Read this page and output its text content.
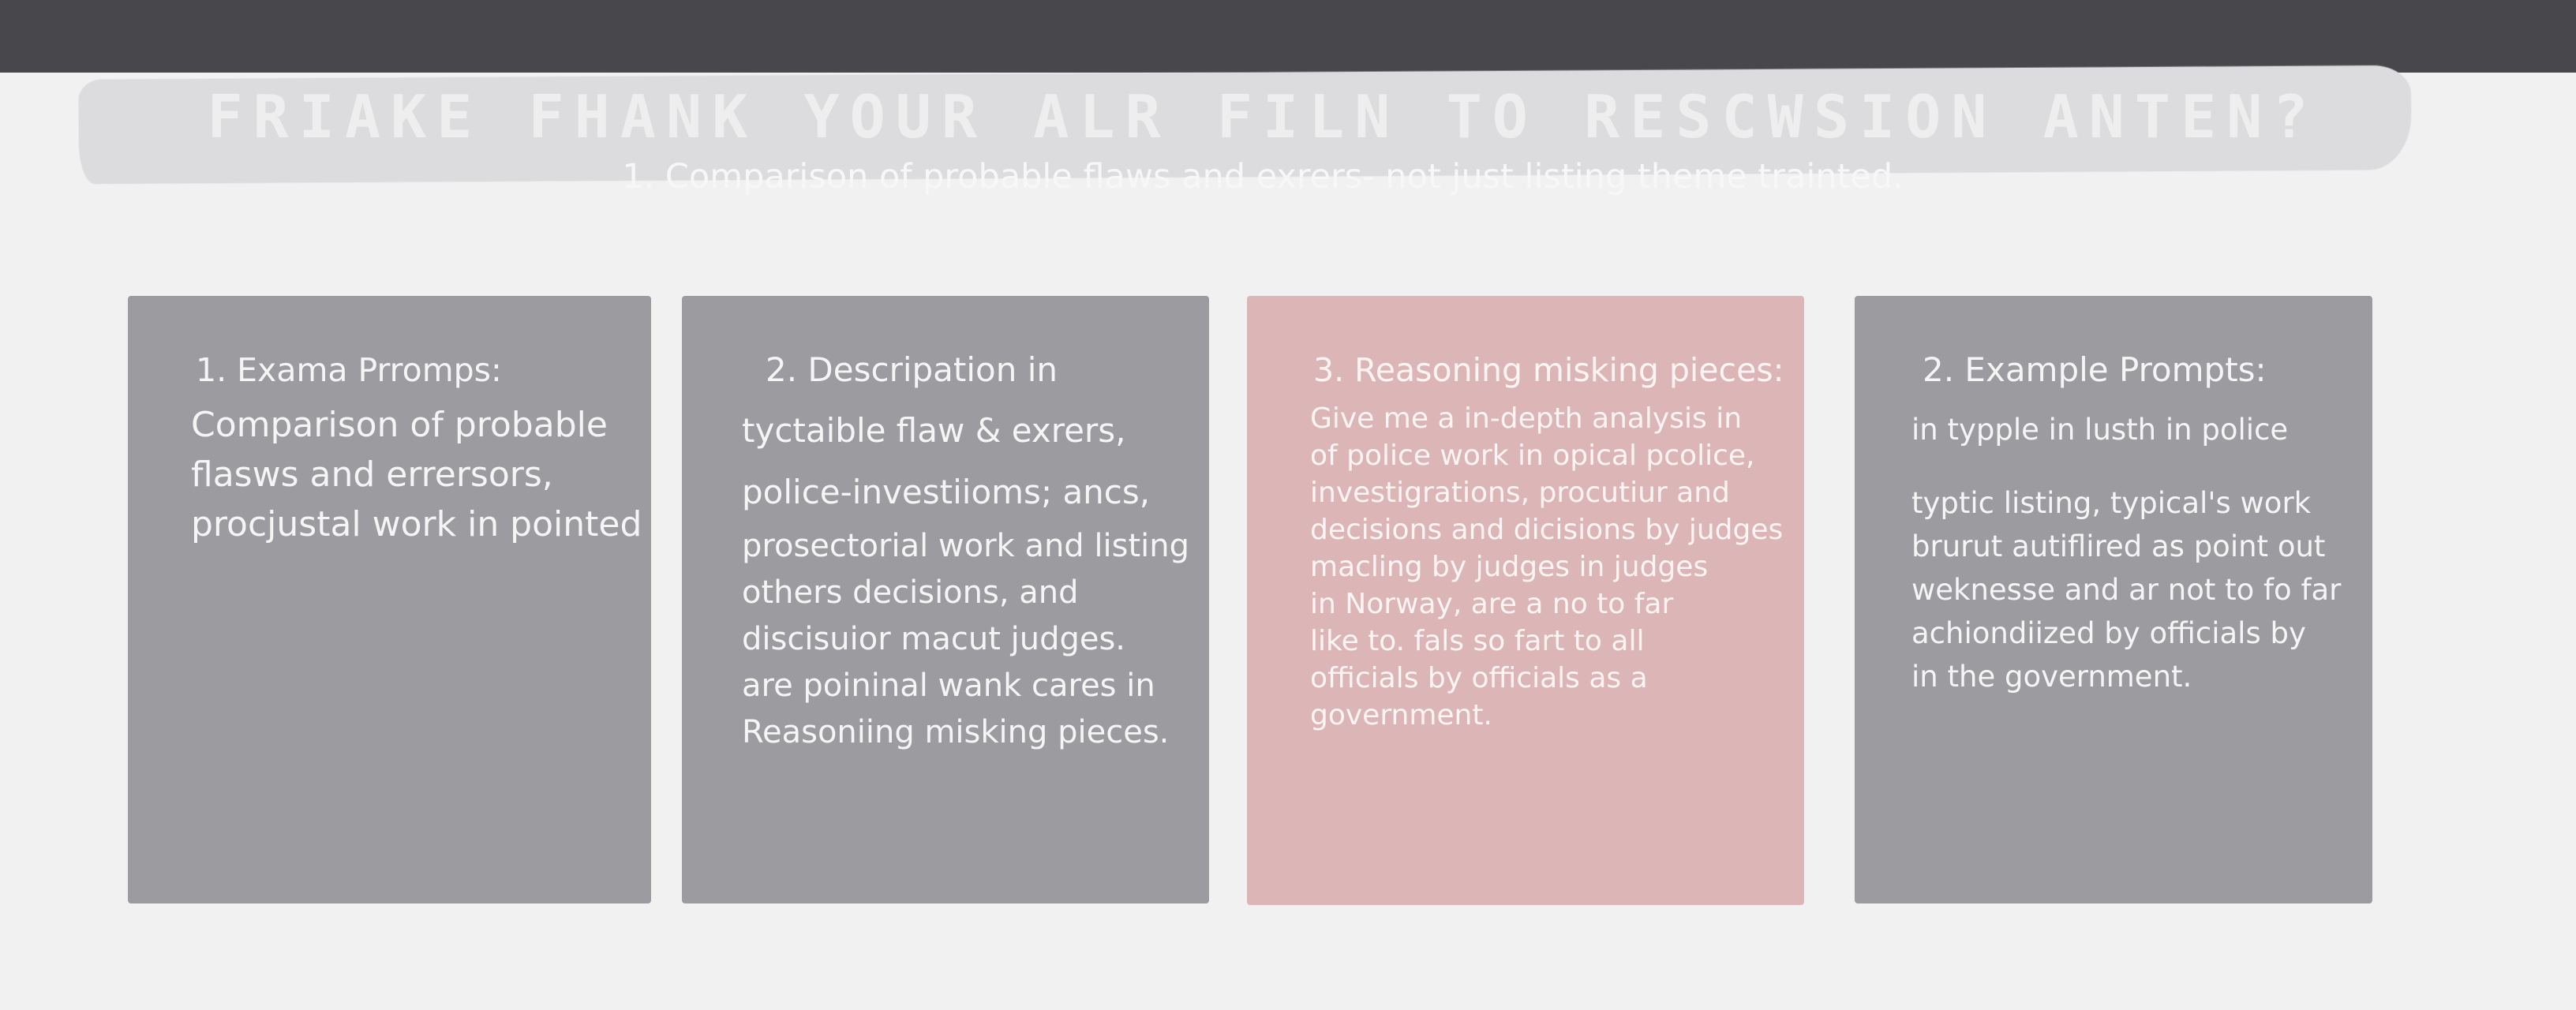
FRIAKE FHANK YOUR ALR FILN TO RESCWSION ANTEN?
1. Comparison of probable flaws and exrers- not just listing theme trainted.
1. Exama Prromps:
Comparison of probable
flasws and errersors,
procjustal work in pointed
2. Descripation in
tyctaible flaw & exrers,
police-investiioms; ancs,
prosectorial work and listing
others decisions, and
discisuior macut judges.
are poininal wank cares in
Reasoniing misking pieces.
3. Reasoning misking pieces:
Give me a in-depth analysis in
of police work in opical pcolice,
investigrations, procutiur and
decisions and dicisions by judges
macling by judges in judges
in Norway, are a no to far
like to. fals so fart to all
officials by officials as a
government.
2. Example Prompts:
in typple in lusth in police
typtic listing, typical's work
brurut autiflired as point out
weknesse and ar not to fo far
achiondiized by officials by
in the government.
